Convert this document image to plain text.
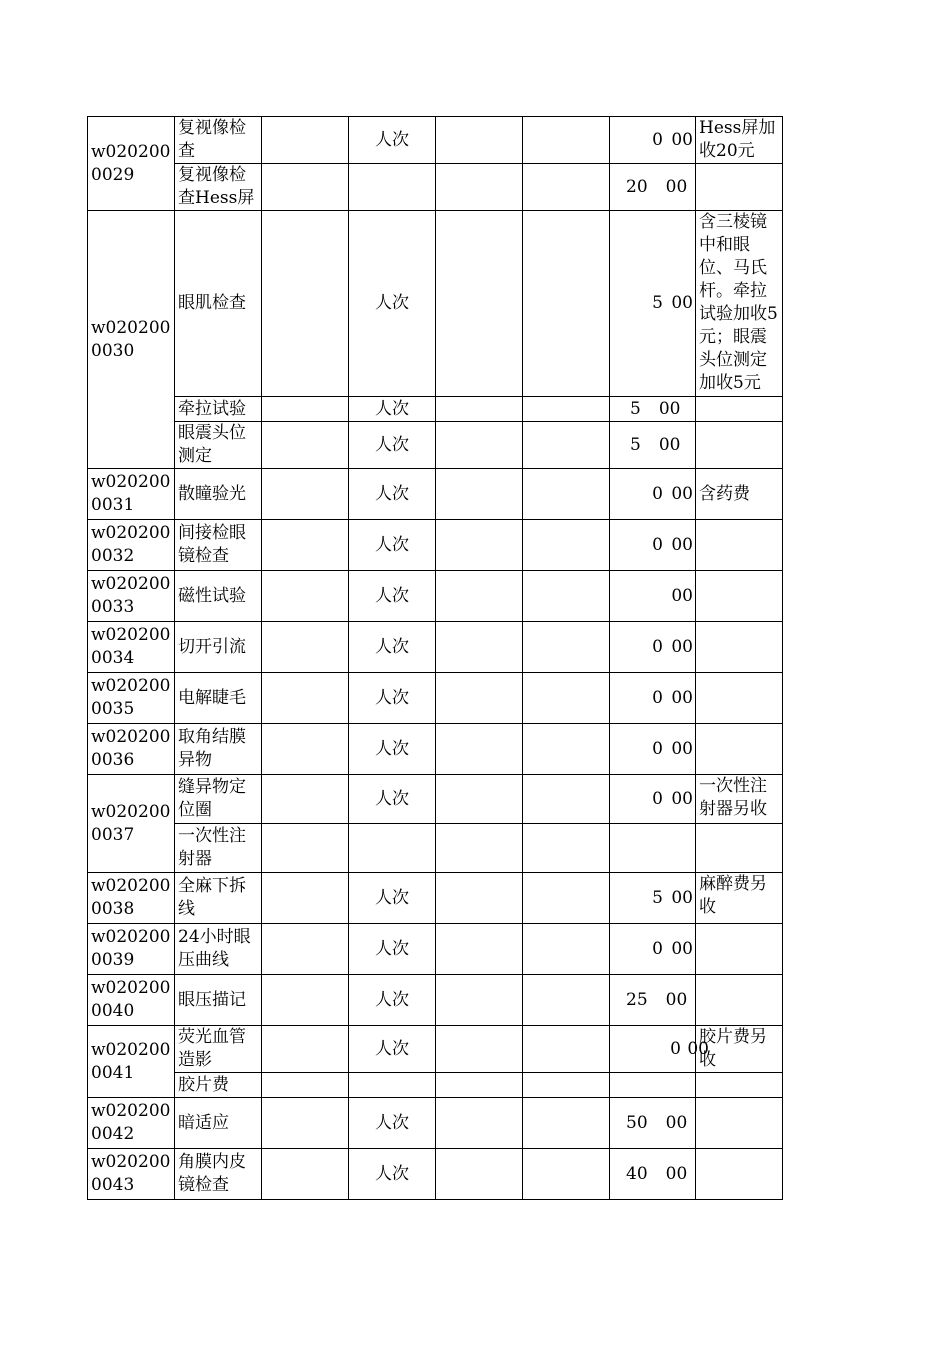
w0202000029	复视像检查		人次			0 00	Hess屏加收20元
	复视像检查Hess屏					20 00	
w0202000030	眼肌检查		人次			5 00	含三棱镜中和眼位、马氏杆。牵拉试验加收5元；眼震头位测定加收5元
	牵拉试验		人次			5 00	
	眼震头位测定		人次			5 00	
w0202000031	散瞳验光		人次			0 00	含药费
w0202000032	间接检眼镜检查		人次			0 00	
w0202000033	磁性试验		人次			00	
w0202000034	切开引流		人次			0 00	
w0202000035	电解睫毛		人次			0 00	
w0202000036	取角结膜异物		人次			0 00	
w0202000037	缝异物定位圈		人次			0 00	一次性注射器另收
	一次性注射器						
w0202000038	全麻下拆线		人次			5 00	麻醉费另收
w0202000039	24小时眼压曲线		人次			0 00	
w0202000040	眼压描记		人次			25 00	
w0202000041	荧光血管造影		人次			0 00	胶片费另收
	胶片费						
w0202000042	暗适应		人次			50 00	
w0202000043	角膜内皮镜检查		人次			40 00	
